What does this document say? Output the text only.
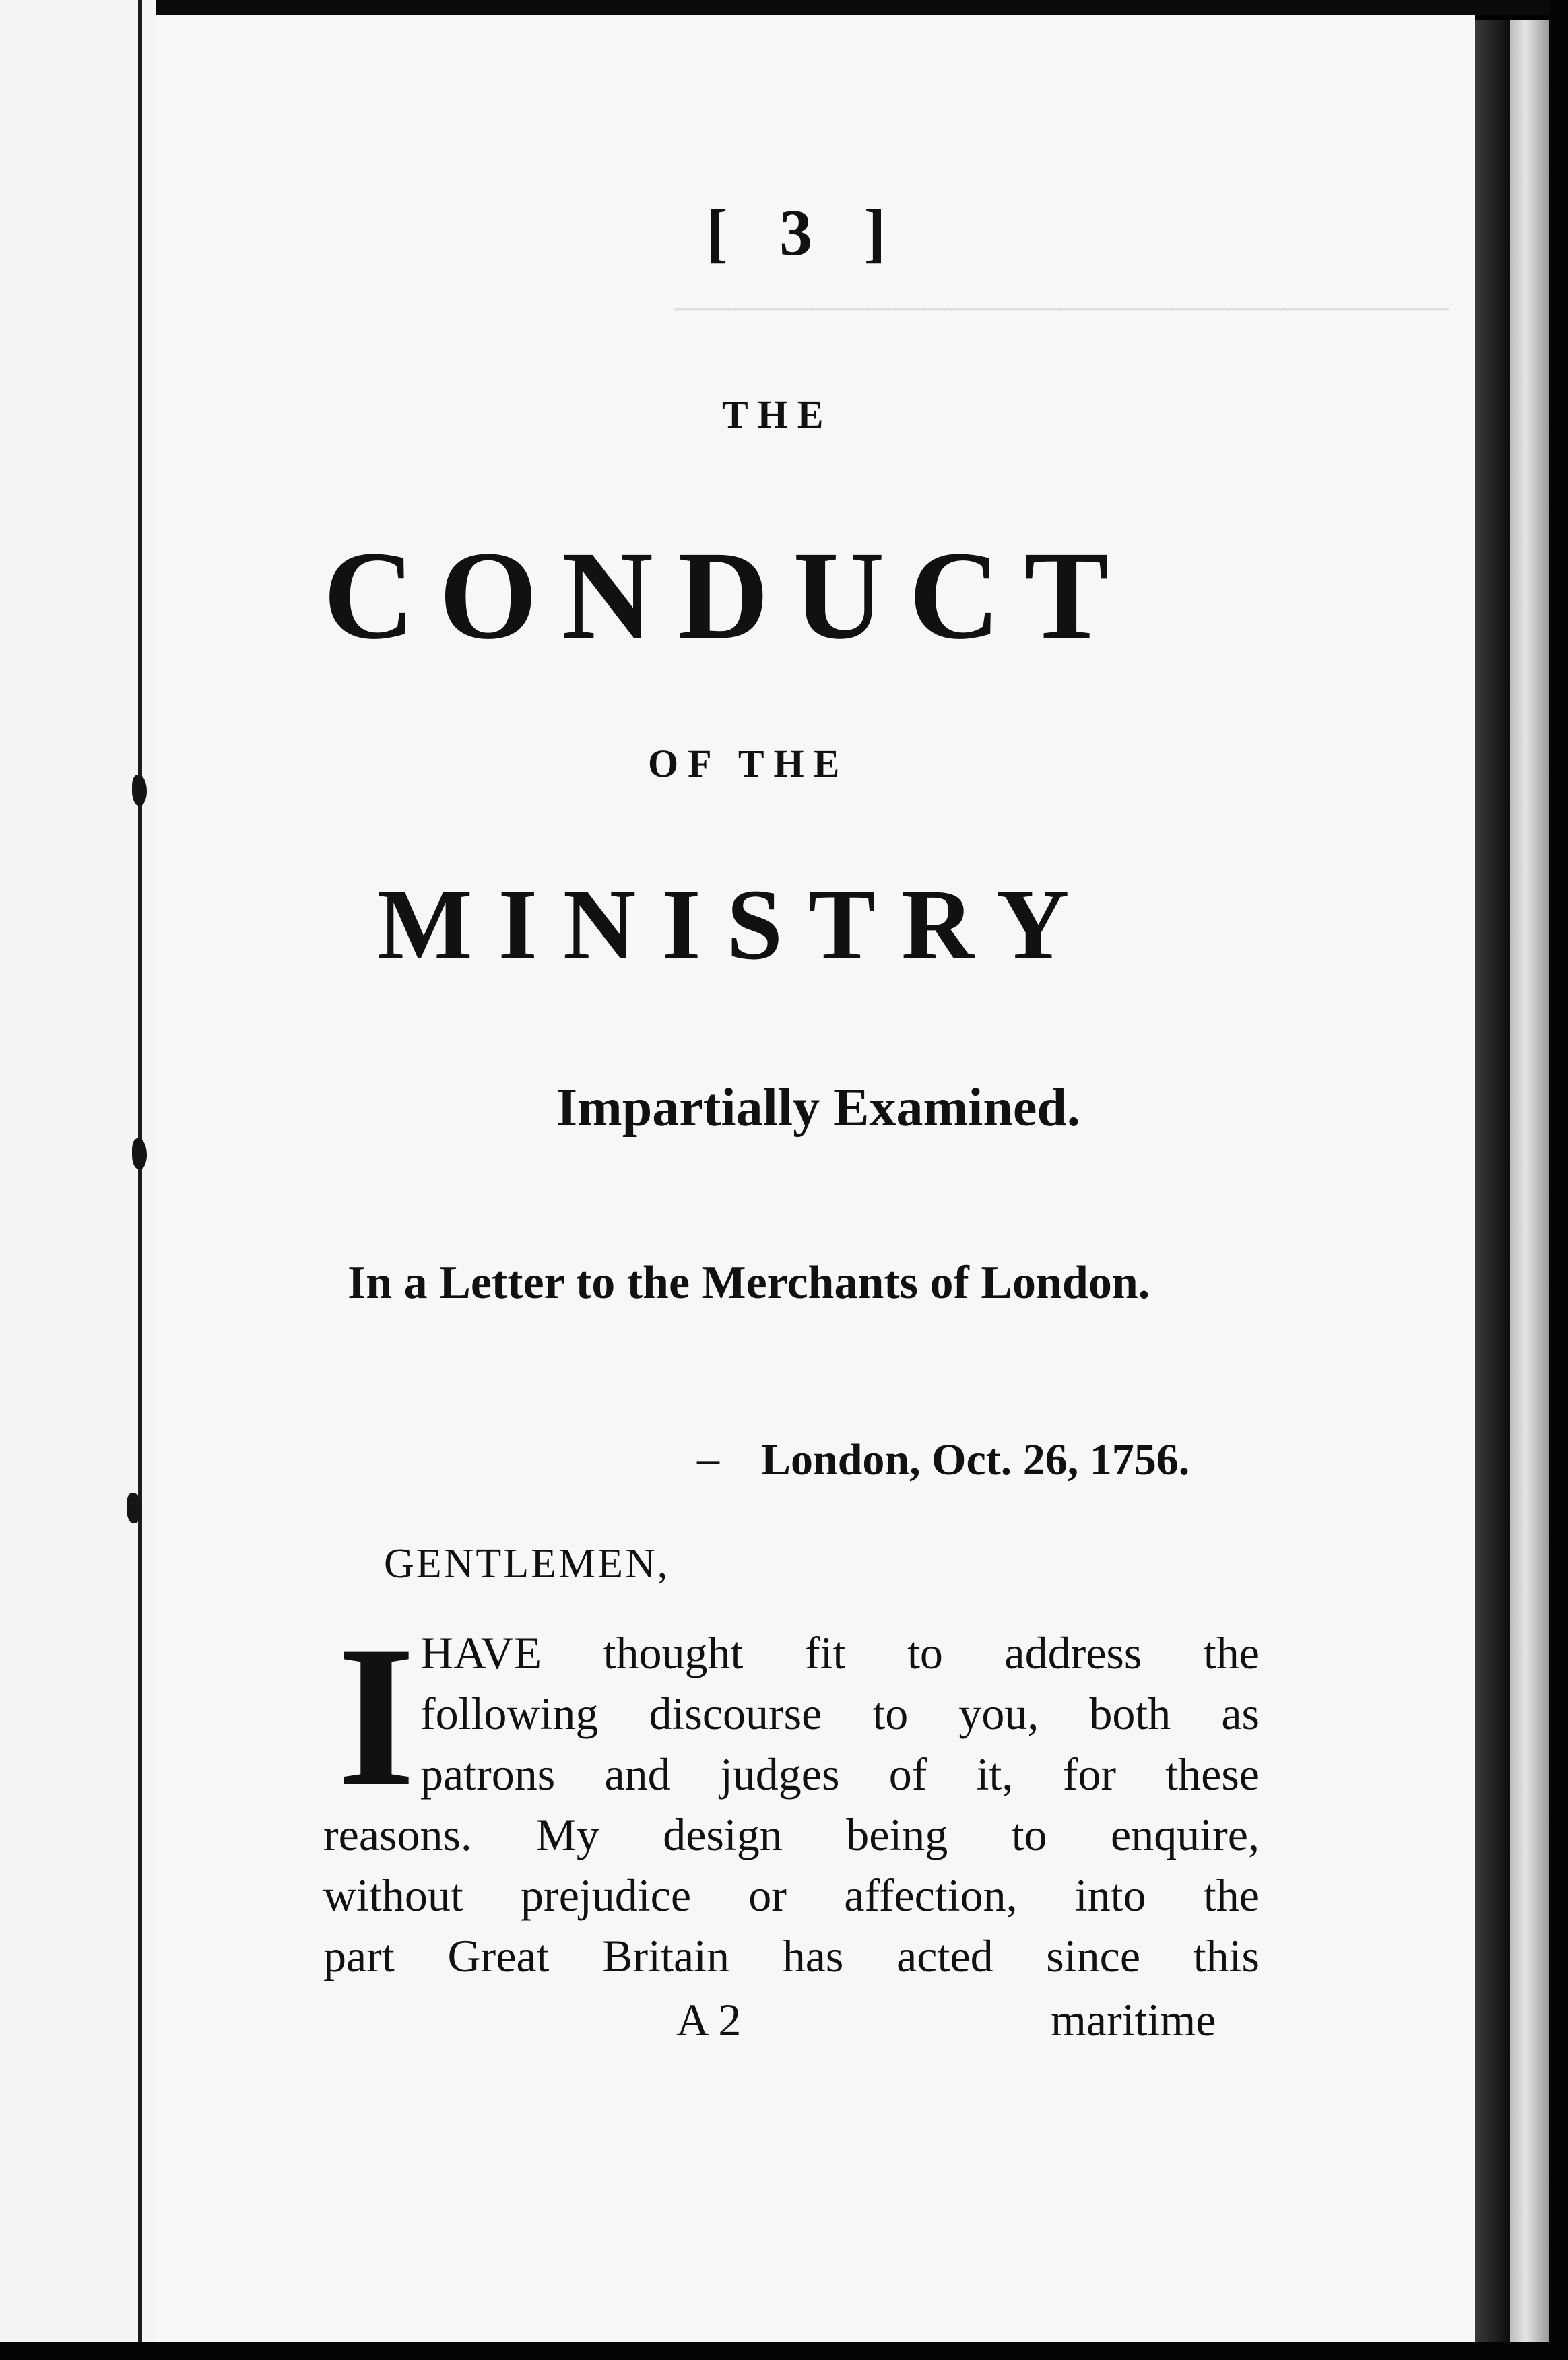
────────────────────────────
[ 3 ]
THE
CONDUCT
OF THE
MINISTRY
Impartially Examined.
In a Letter to the Merchants of London.
– London, Oct. 26, 1756.
GENTLEMEN,
I HAVE thought fit to address the
following discourse to you, both as
patrons and judges of it, for these
reasons. My design being to enquire,
without prejudice or affection, into the
part Great Britain has acted since this
A 2	maritime
